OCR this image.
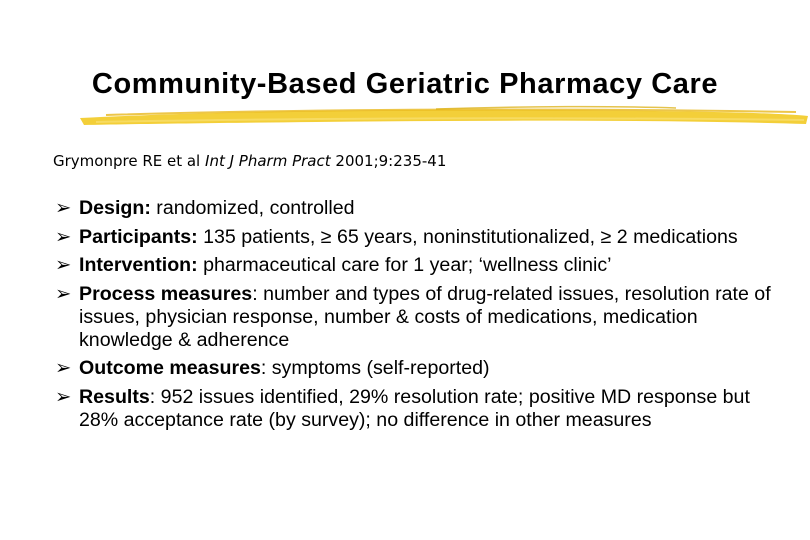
Community-Based Geriatric Pharmacy Care
Grymonpre RE et al Int J Pharm Pract 2001;9:235-41
➢ Design: randomized, controlled
➢ Participants: 135 patients, ≥ 65 years, noninstitutionalized, ≥ 2 medications
➢ Intervention: pharmaceutical care for 1 year; ‘wellness clinic’
➢ Process measures: number and types of drug-related issues, resolution rate of issues, physician response, number & costs of medications, medication knowledge & adherence
➢ Outcome measures: symptoms (self-reported)
➢ Results: 952 issues identified, 29% resolution rate; positive MD response but 28% acceptance rate (by survey); no difference in other measures
